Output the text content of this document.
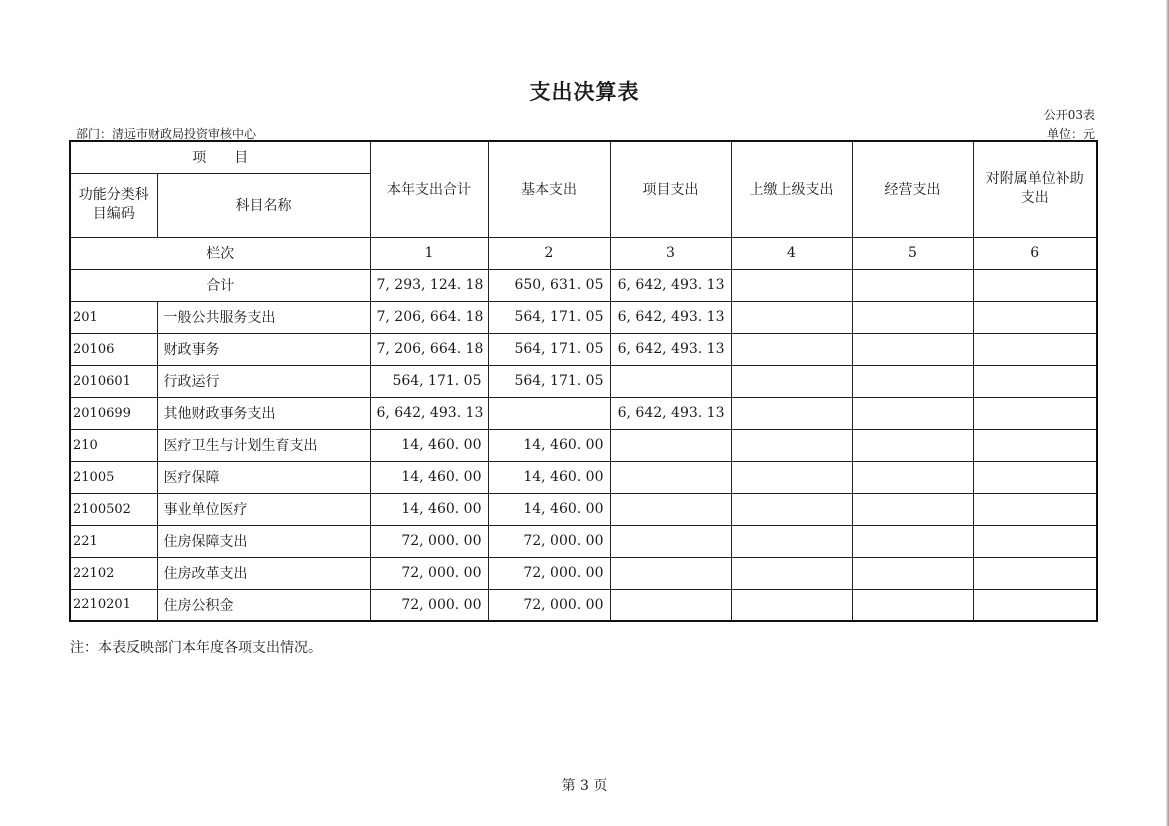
支出决算表
公开03表
部门：清远市财政局投资审核中心	单位：元
项　　目		本年支出合计	基本支出	项目支出	上缴上级支出	经营支出	对附属单位补助支出
功能分类科目编码	科目名称						
栏次		1	2	3	4	5	6
合计		7, 293, 124. 18	650, 631. 05	6, 642, 493. 13			
201	一般公共服务支出	7, 206, 664. 18	564, 171. 05	6, 642, 493. 13			
20106	财政事务	7, 206, 664. 18	564, 171. 05	6, 642, 493. 13			
2010601	行政运行	564, 171. 05	564, 171. 05				
2010699	其他财政事务支出	6, 642, 493. 13		6, 642, 493. 13			
210	医疗卫生与计划生育支出	14, 460. 00	14, 460. 00				
21005	医疗保障	14, 460. 00	14, 460. 00				
2100502	事业单位医疗	14, 460. 00	14, 460. 00				
221	住房保障支出	72, 000. 00	72, 000. 00				
22102	住房改革支出	72, 000. 00	72, 000. 00				
2210201	住房公积金	72, 000. 00	72, 000. 00				
注：本表反映部门本年度各项支出情况。
第 3 页
